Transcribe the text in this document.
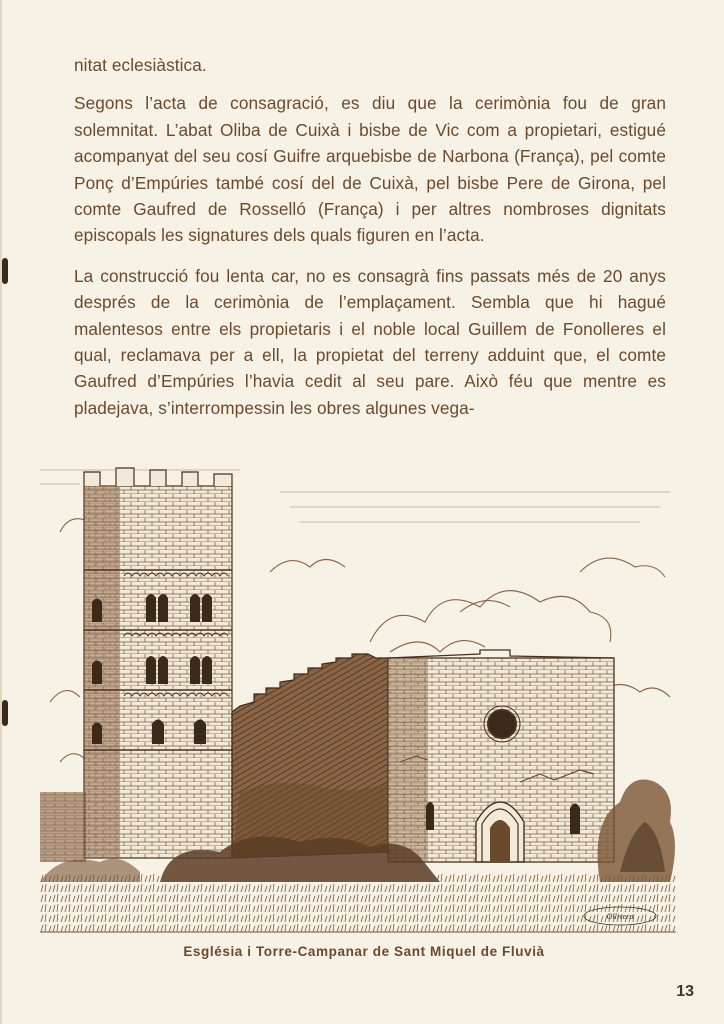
nitat eclesiàstica.

Segons l’acta de consagració, es diu que la cerimònia fou de gran solemnitat. L’abat Oliba de Cuixà i bisbe de Vic com a propietari, estigué acompanyat del seu cosí Guifre arquebisbe de Narbona (França), pel comte Ponç d’Empúries també cosí del de Cuixà, pel bisbe Pere de Girona, pel comte Gaufred de Rosselló (França) i per altres nombroses dignitats episcopals les signatures dels quals figuren en l’acta.

La construcció fou lenta car, no es consagrà fins passats més de 20 anys després de la cerimònia de l’emplaçament. Sembla que hi hagué malentesos entre els propietaris i el noble local Guillem de Fonolleres el qual, reclamava per a ell, la propietat del terreny adduint que, el comte Gaufred d’Empúries l’havia cedit al seu pare. Això féu que mentre es pladejava, s’interrompessin les obres algunes vega-

Ollivera
Església i Torre-Campanar de Sant Miquel de Fluvià
13
